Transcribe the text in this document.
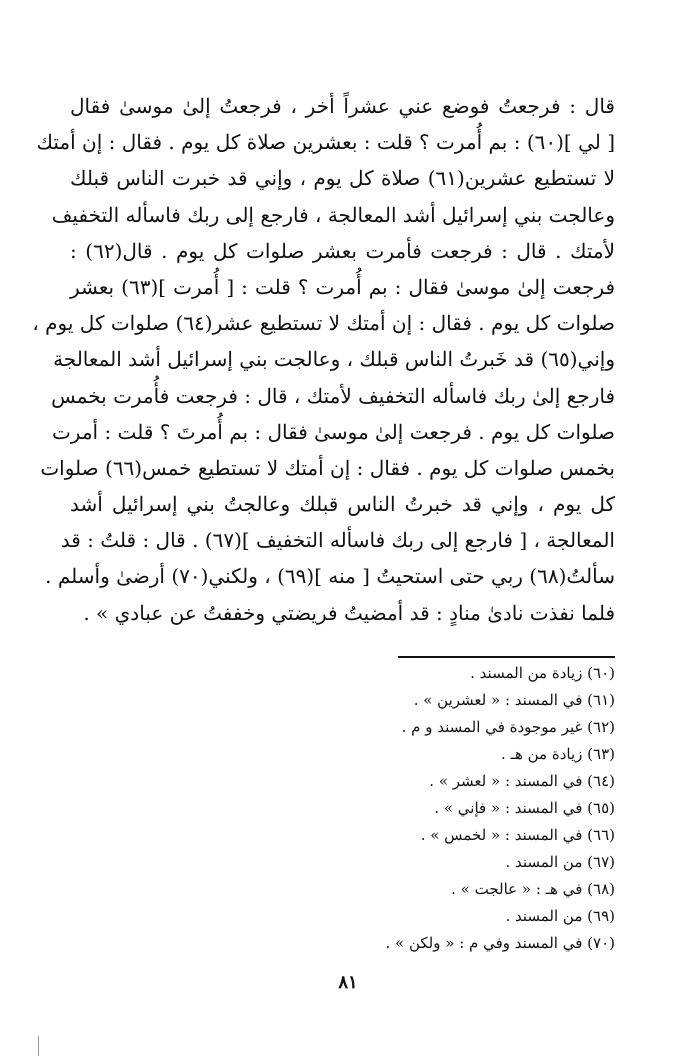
قال : فرجعتُ فوضع عني عشراً أخر ، فرجعتُ إلىٰ موسىٰ فقال
[ لي ](٦٠) : بم أُمرت ؟ قلت : بعشرين صلاة كل يوم . فقال : إن أمتك
لا تستطيع عشرين(٦١) صلاة كل يوم ، وإني قد خبرت الناس قبلك
وعالجت بني إسرائيل أشد المعالجة ، فارجع إلى ربك فاسأله التخفيف
لأمتك . قال : فرجعت فأمرت بعشر صلوات كل يوم . قال(٦٢) :
فرجعت إلىٰ موسىٰ فقال : بم أُمرت ؟ قلت : [ أُمرت ](٦٣) بعشر
صلوات كل يوم . فقال : إن أمتك لا تستطيع عشر(٦٤) صلوات كل يوم ،
وإني(٦٥) قد خَبرتُ الناس قبلك ، وعالجت بني إسرائيل أشد المعالجة
فارجع إلىٰ ربك فاسأله التخفيف لأمتك ، قال : فرجعت فأُمرت بخمس
صلوات كل يوم . فرجعت إلىٰ موسىٰ فقال : بم أُمرتَ ؟ قلت : أمرت
بخمس صلوات كل يوم . فقال : إن أمتك لا تستطيع خمس(٦٦) صلوات
كل يوم ، وإني قد خبرتُ الناس قبلك وعالجتُ بني إسرائيل أشد
المعالجة ، [ فارجع إلى ربك فاسأله التخفيف ](٦٧) . قال : قلتُ : قد
سألتُ(٦٨) ربي حتى استحيتُ [ منه ](٦٩) ، ولكني(٧٠) أرضىٰ وأسلم .
فلما نفذت نادىٰ منادٍ : قد أمضيتُ فريضتي وخففتُ عن عبادي » .
(٦٠) زيادة من المسند .
(٦١) في المسند : « لعشرين » .
(٦٢) غير موجودة في المسند و م .
(٦٣) زيادة من هـ .
(٦٤) في المسند : « لعشر » .
(٦٥) في المسند : « فإني » .
(٦٦) في المسند : « لخمس » .
(٦٧) من المسند .
(٦٨) في هـ : « عالجت » .
(٦٩) من المسند .
(٧٠) في المسند وفي م : « ولكن » .
٨١
